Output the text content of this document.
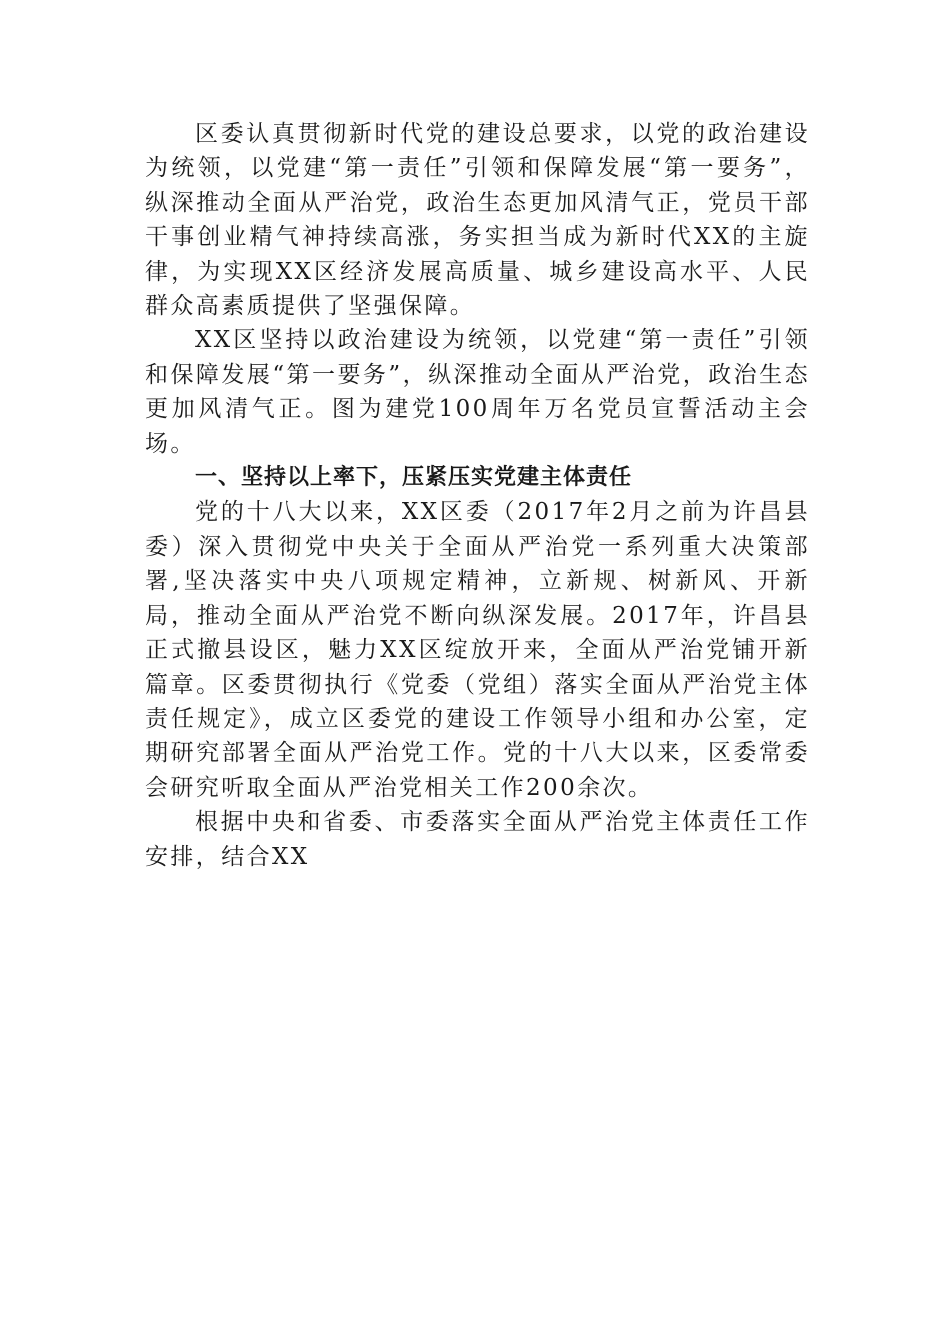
区委认真贯彻新时代党的建设总要求，以党的政治建设为统领，以党建“第一责任”引领和保障发展“第一要务”，纵深推动全面从严治党，政治生态更加风清气正，党员干部干事创业精气神持续高涨，务实担当成为新时代XX的主旋律，为实现XX区经济发展高质量、城乡建设高水平、人民群众高素质提供了坚强保障。

XX区坚持以政治建设为统领，以党建“第一责任”引领和保障发展“第一要务”，纵深推动全面从严治党，政治生态更加风清气正。图为建党100周年万名党员宣誓活动主会场。

一、坚持以上率下，压紧压实党建主体责任

党的十八大以来，XX区委（2017年2月之前为许昌县委）深入贯彻党中央关于全面从严治党一系列重大决策部署,坚决落实中央八项规定精神，立新规、树新风、开新局，推动全面从严治党不断向纵深发展。2017年，许昌县正式撤县设区，魅力XX区绽放开来，全面从严治党铺开新篇章。区委贯彻执行《党委（党组）落实全面从严治党主体责任规定》，成立区委党的建设工作领导小组和办公室，定期研究部署全面从严治党工作。党的十八大以来，区委常委会研究听取全面从严治党相关工作200余次。

根据中央和省委、市委落实全面从严治党主体责任工作安排，结合XX
